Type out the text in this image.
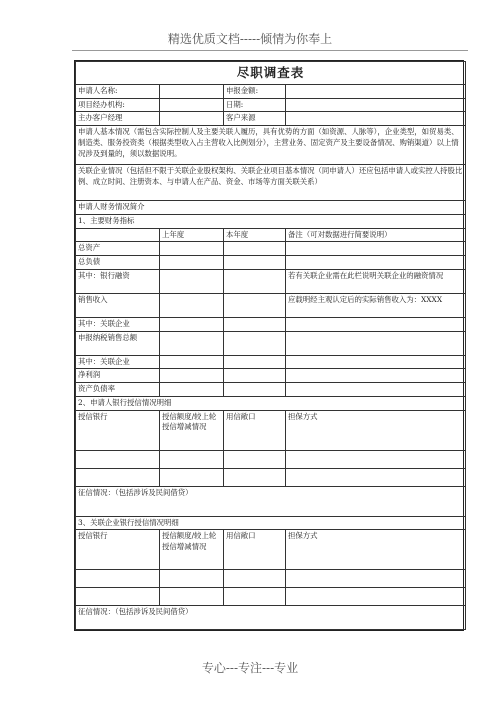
精选优质文档-----倾情为你奉上
尽职调查表			
申请人名称:		申报金额:	
项目经办机构:		日期:	
主办客户经理		客户来源	
申请人基本情况（需包含实际控制人及主要关联人履历，具有优势的方面（如资源、人脉等），企业类型，如贸易类、制造类、服务投资类（根据类型收入占主营收入比例划分），主营业务、固定资产及主要设备情况、购销渠道）以上情况涉及到量的，须以数据说明。			
关联企业情况（包括但不限于关联企业股权架构、关联企业项目基本情况（同申请人）还应包括申请人或实控人持股比例、成立时间、注册资本、与申请人在产品、资金、市场等方面关联关系）			
申请人财务情况简介			
1、主要财务指标			
	上年度	本年度	备注（可对数据进行简要说明）
总资产			
总负债			
其中：银行融资			若有关联企业需在此栏说明关联企业的融资情况
销售收入			应载明经主观认定后的实际销售收入为：XXXX
其中：关联企业			
申报纳税销售总额			
其中：关联企业			
净利润			
资产负债率			
2、申请人银行授信情况明细			
授信银行	授信额度/较上轮授信增减情况	用信敞口	担保方式

征信情况：（包括涉诉及民间借贷）			
3、关联企业银行授信情况明细			
授信银行	授信额度/较上轮授信增减情况	用信敞口	担保方式

征信情况：（包括涉诉及民间借贷）			
专心---专注---专业
